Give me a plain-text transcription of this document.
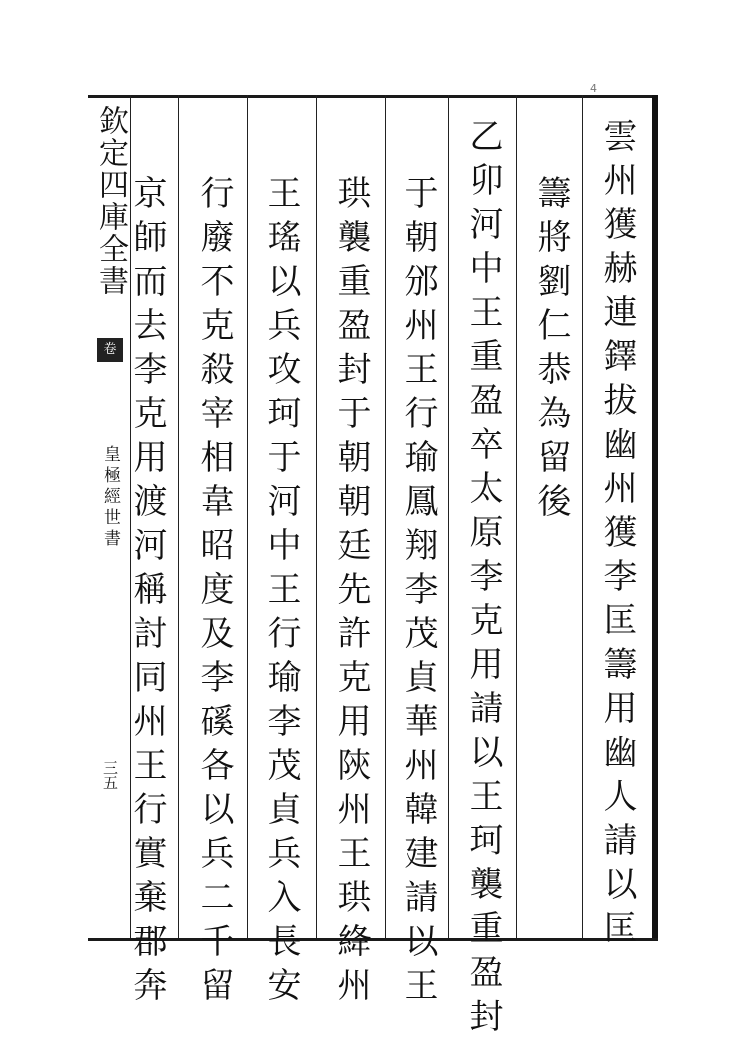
4
欽定四庫全書
卷
皇極經世書
三五	雲州獲赫連鐸拔幽州獲李匡籌用幽人請以匡
籌將劉仁恭為留後
乙卯河中王重盈卒太原李克用請以王珂襲重盈封
于朝邠州王行瑜鳳翔李茂貞華州韓建請以王
珙襲重盈封于朝朝廷先許克用陝州王珙絳州
王瑤以兵攻珂于河中王行瑜李茂貞兵入長安
行廢不克殺宰相韋昭度及李磎各以兵二千留
京師而去李克用渡河稱討同州王行實棄郡奔
